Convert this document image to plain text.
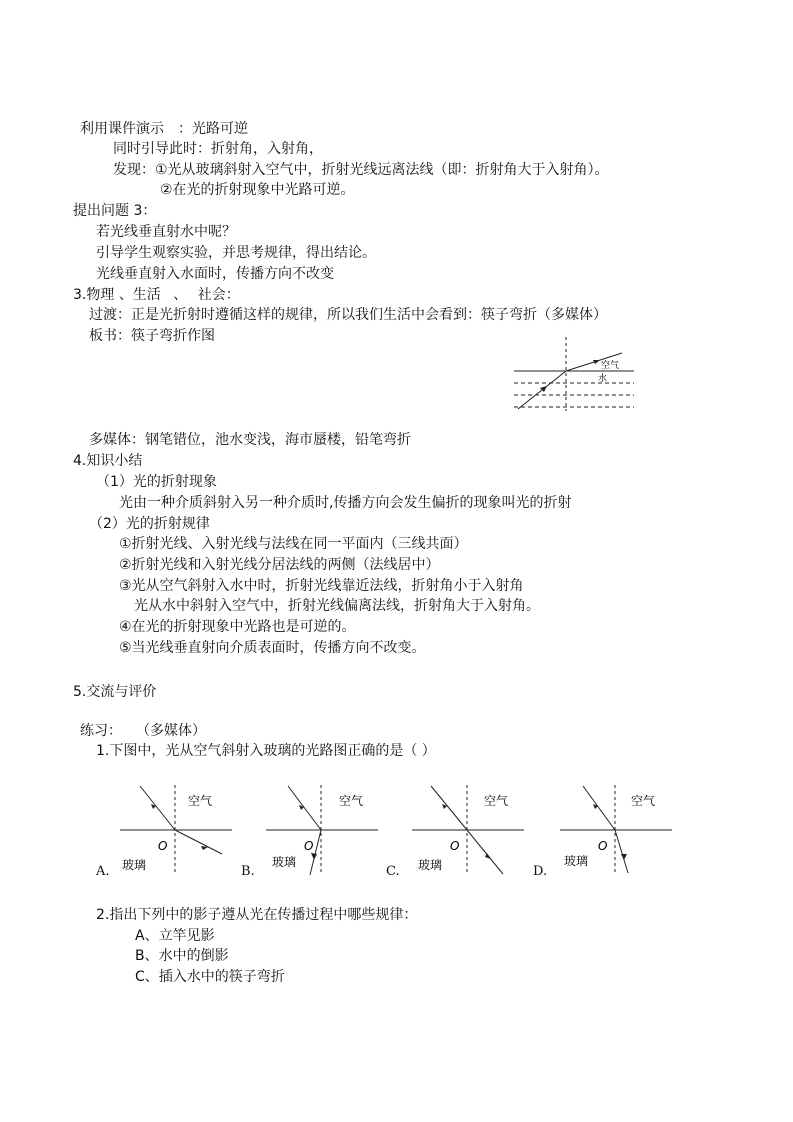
利用课件演示 ：光路可逆
同时引导此时：折射角，入射角，
发现：①光从玻璃斜射入空气中，折射光线远离法线（即：折射角大于入射角）。
②在光的折射现象中光路可逆。
提出问题 3：
若光线垂直射水中呢？
引导学生观察实验，并思考规律，得出结论。
光线垂直射入水面时，传播方向不改变
3.物理 、生活 、 社会：
过渡：正是光折射时遵循这样的规律，所以我们生活中会看到：筷子弯折（多媒体）
板书：筷子弯折作图
空气
水
多媒体：钢笔错位，池水变浅，海市蜃楼，铅笔弯折
4.知识小结
（1）光的折射现象
光由一种介质斜射入另一种介质时,传播方向会发生偏折的现象叫光的折射
（2）光的折射规律
①折射光线、入射光线与法线在同一平面内（三线共面）
②折射光线和入射光线分居法线的两侧（法线居中）
③光从空气斜射入水中时，折射光线靠近法线，折射角小于入射角
光从水中斜射入空气中，折射光线偏离法线，折射角大于入射角。
④在光的折射现象中光路也是可逆的。
⑤当光线垂直射向介质表面时，传播方向不改变。
5.交流与评价
练习： （多媒体）
1.下图中，光从空气斜射入玻璃的光路图正确的是（ ）
空气
O
玻璃
A.
空气
O
玻璃
B.
空气
O
玻璃
C.
空气
O
玻璃
D.
2.指出下列中的影子遵从光在传播过程中哪些规律：
A、立竿见影
B、水中的倒影
C、插入水中的筷子弯折
